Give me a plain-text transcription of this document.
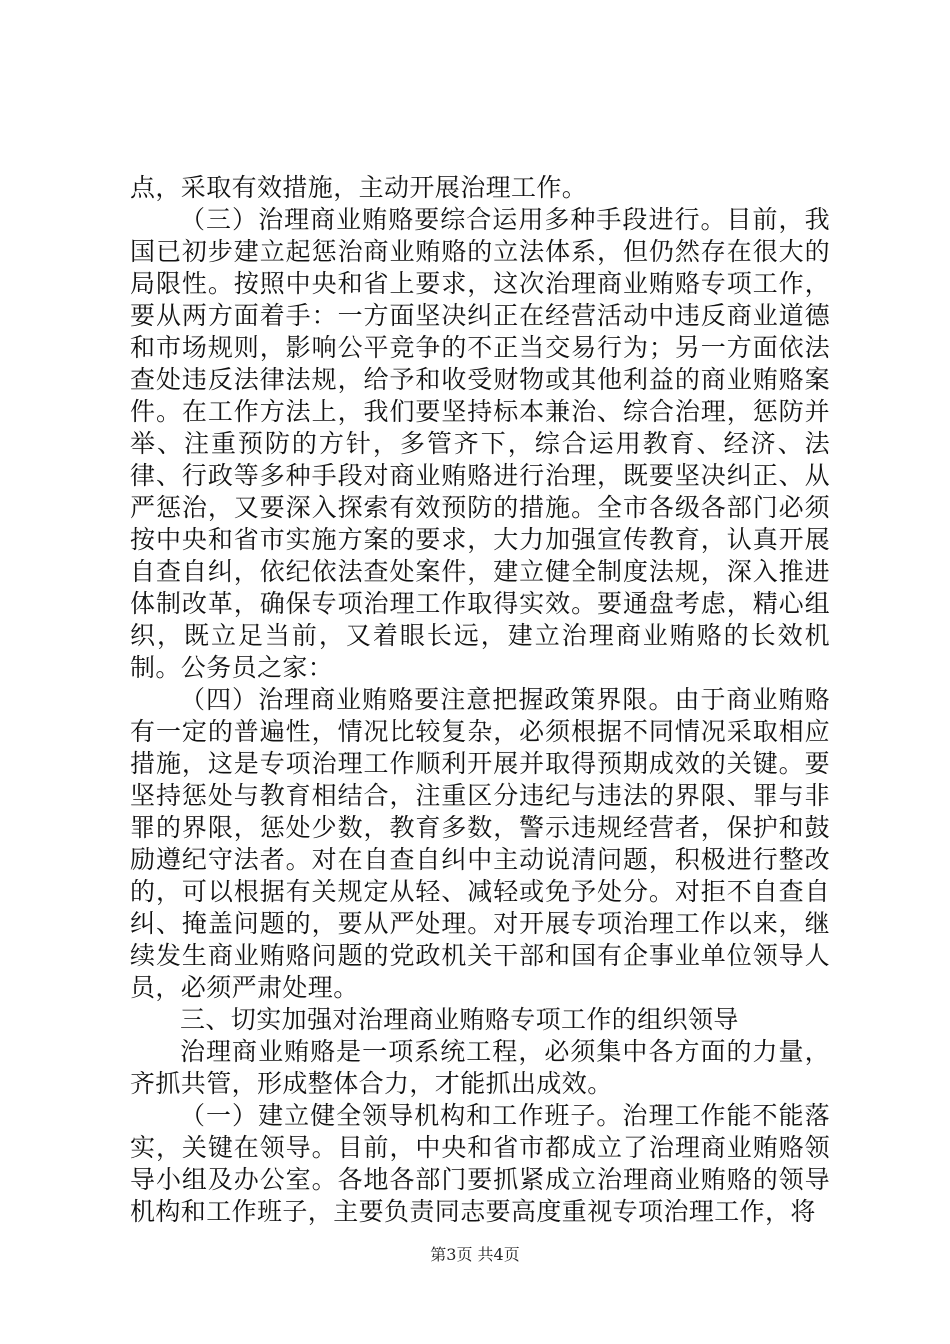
点，采取有效措施，主动开展治理工作。

（三）治理商业贿赂要综合运用多种手段进行。目前，我国已初步建立起惩治商业贿赂的立法体系，但仍然存在很大的局限性。按照中央和省上要求，这次治理商业贿赂专项工作，要从两方面着手：一方面坚决纠正在经营活动中违反商业道德和市场规则，影响公平竞争的不正当交易行为；另一方面依法查处违反法律法规，给予和收受财物或其他利益的商业贿赂案件。在工作方法上，我们要坚持标本兼治、综合治理，惩防并举、注重预防的方针，多管齐下，综合运用教育、经济、法律、行政等多种手段对商业贿赂进行治理，既要坚决纠正、从严惩治，又要深入探索有效预防的措施。全市各级各部门必须按中央和省市实施方案的要求，大力加强宣传教育，认真开展自查自纠，依纪依法查处案件，建立健全制度法规，深入推进体制改革，确保专项治理工作取得实效。要通盘考虑，精心组织，既立足当前，又着眼长远，建立治理商业贿赂的长效机制。公务员之家：

（四）治理商业贿赂要注意把握政策界限。由于商业贿赂有一定的普遍性，情况比较复杂，必须根据不同情况采取相应措施，这是专项治理工作顺利开展并取得预期成效的关键。要坚持惩处与教育相结合，注重区分违纪与违法的界限、罪与非罪的界限，惩处少数，教育多数，警示违规经营者，保护和鼓励遵纪守法者。对在自查自纠中主动说清问题，积极进行整改的，可以根据有关规定从轻、减轻或免予处分。对拒不自查自纠、掩盖问题的，要从严处理。对开展专项治理工作以来，继续发生商业贿赂问题的党政机关干部和国有企事业单位领导人员，必须严肃处理。

三、切实加强对治理商业贿赂专项工作的组织领导

治理商业贿赂是一项系统工程，必须集中各方面的力量，齐抓共管，形成整体合力，才能抓出成效。

（一）建立健全领导机构和工作班子。治理工作能不能落实，关键在领导。目前，中央和省市都成立了治理商业贿赂领导小组及办公室。各地各部门要抓紧成立治理商业贿赂的领导机构和工作班子，主要负责同志要高度重视专项治理工作，将

第3页 共4页
